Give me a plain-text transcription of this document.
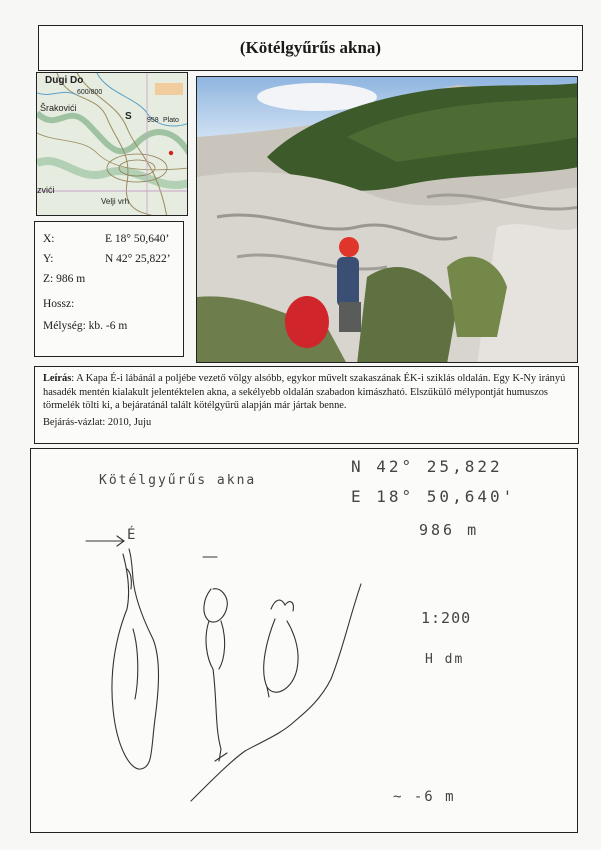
(Kötélgyűrűs akna)
Dugi Do
Šrakovići
S
Velji vrh
zvići
600/800
958 Plato
X:	E 18° 50,640’
Y:	N 42° 25,822’
Z: 986 m
Hossz:
Mélység: kb. -6 m

Leírás: A Kapa É-i lábánál a poljébe vezető völgy alsóbb, egykor művelt szakaszának ÉK-i sziklás oldalán. Egy K-Ny irányú hasadék mentén kialakult jelentéktelen akna, a sekélyebb oldalán szabadon kimászható. Elszűkülő mélypontját humuszos törmelék tölti ki, a bejáratánál talált kötélgyűrű alapján már jártak benne.

Bejárás-vázlat: 2010, Juju

Kötélgyűrűs akna
N 42° 25,822
E 18° 50,640'
986 m
É
1:200
H dm
~ -6 m
